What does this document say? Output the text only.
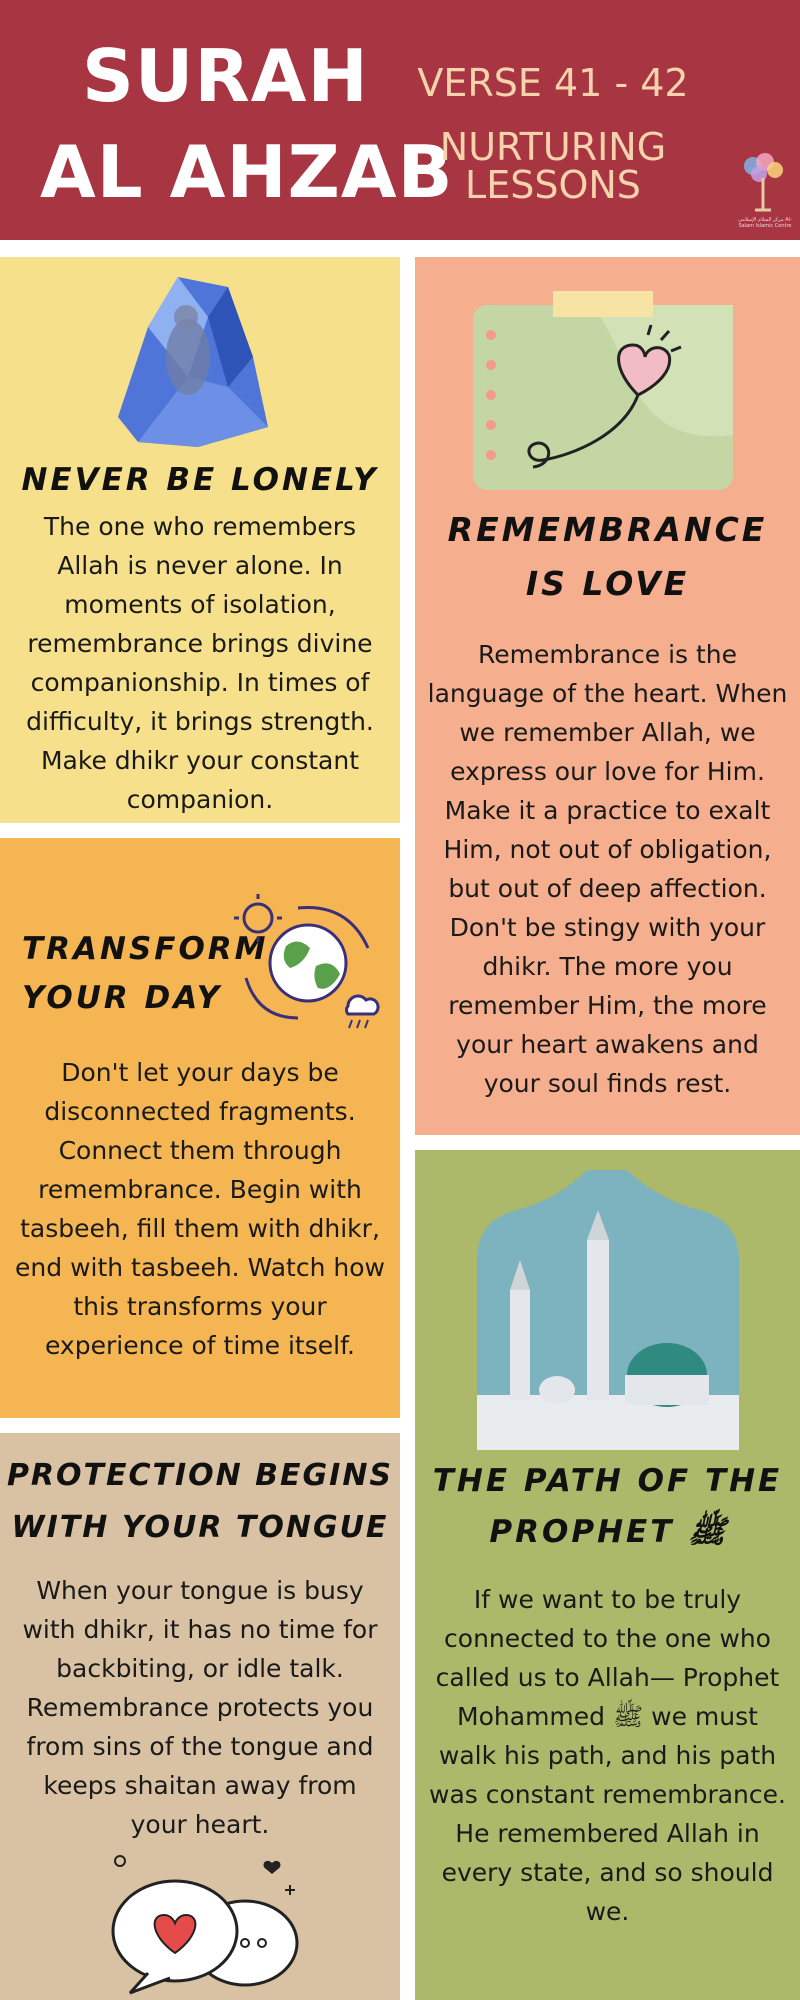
SURAH
AL AHZAB
VERSE 41 - 42
NURTURING LESSONS
مركز السلام الإسلامي Al-Salam Islamic Centre
NEVER BE LONELY
The one who remembers Allah is never alone. In moments of isolation, remembrance brings divine companionship. In times of difficulty, it brings strength. Make dhikr your constant companion.
REMEMBRANCE
IS LOVE
Remembrance is the language of the heart. When we remember Allah, we express our love for Him. Make it a practice to exalt Him, not out of obligation, but out of deep affection. Don't be stingy with your dhikr. The more you remember Him, the more your heart awakens and your soul finds rest.
TRANSFORM
YOUR DAY
Don't let your days be disconnected fragments. Connect them through remembrance. Begin with tasbeeh, fill them with dhikr, end with tasbeeh. Watch how this transforms your experience of time itself.
THE PATH OF THE
PROPHET ﷺ
If we want to be truly connected to the one who called us to Allah— Prophet Mohammed ﷺ we must walk his path, and his path was constant remembrance. He remembered Allah in every state, and so should we.
PROTECTION BEGINS
WITH YOUR TONGUE
When your tongue is busy with dhikr, it has no time for backbiting, or idle talk. Remembrance protects you from sins of the tongue and keeps shaitan away from your heart.
